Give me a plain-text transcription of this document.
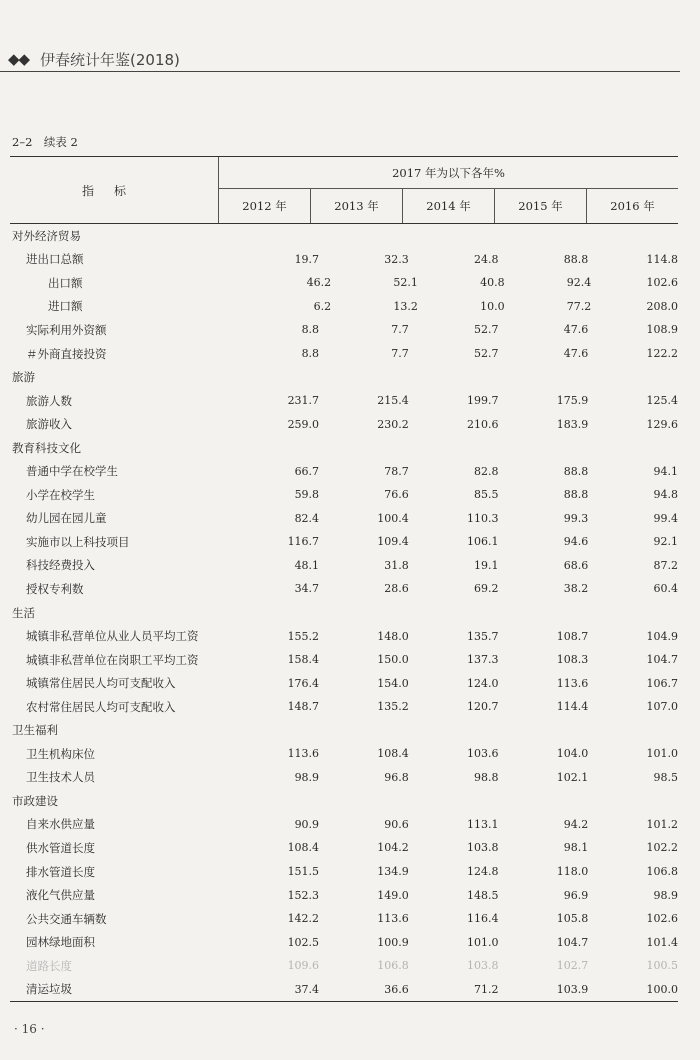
◆◆ 伊春统计年鉴(2018)
2–2　续表 2
指标
2017 年为以下各年%
2012 年	2013 年	2014 年	2015 年	2016 年
对外经济贸易
进出口总额	19.7	32.3	24.8	88.8	114.8
出口额	46.2	52.1	40.8	92.4	102.6
进口额	6.2	13.2	10.0	77.2	208.0
实际利用外资额	8.8	7.7	52.7	47.6	108.9
＃外商直接投资	8.8	7.7	52.7	47.6	122.2
旅游
旅游人数	231.7	215.4	199.7	175.9	125.4
旅游收入	259.0	230.2	210.6	183.9	129.6
教育科技文化
普通中学在校学生	66.7	78.7	82.8	88.8	94.1
小学在校学生	59.8	76.6	85.5	88.8	94.8
幼儿园在园儿童	82.4	100.4	110.3	99.3	99.4
实施市以上科技项目	116.7	109.4	106.1	94.6	92.1
科技经费投入	48.1	31.8	19.1	68.6	87.2
授权专利数	34.7	28.6	69.2	38.2	60.4
生活
城镇非私营单位从业人员平均工资	155.2	148.0	135.7	108.7	104.9
城镇非私营单位在岗职工平均工资	158.4	150.0	137.3	108.3	104.7
城镇常住居民人均可支配收入	176.4	154.0	124.0	113.6	106.7
农村常住居民人均可支配收入	148.7	135.2	120.7	114.4	107.0
卫生福利
卫生机构床位	113.6	108.4	103.6	104.0	101.0
卫生技术人员	98.9	96.8	98.8	102.1	98.5
市政建设
自来水供应量	90.9	90.6	113.1	94.2	101.2
供水管道长度	108.4	104.2	103.8	98.1	102.2
排水管道长度	151.5	134.9	124.8	118.0	106.8
液化气供应量	152.3	149.0	148.5	96.9	98.9
公共交通车辆数	142.2	113.6	116.4	105.8	102.6
园林绿地面积	102.5	100.9	101.0	104.7	101.4
道路长度	109.6	106.8	103.8	102.7	100.5
清运垃圾	37.4	36.6	71.2	103.9	100.0
· 16 ·
